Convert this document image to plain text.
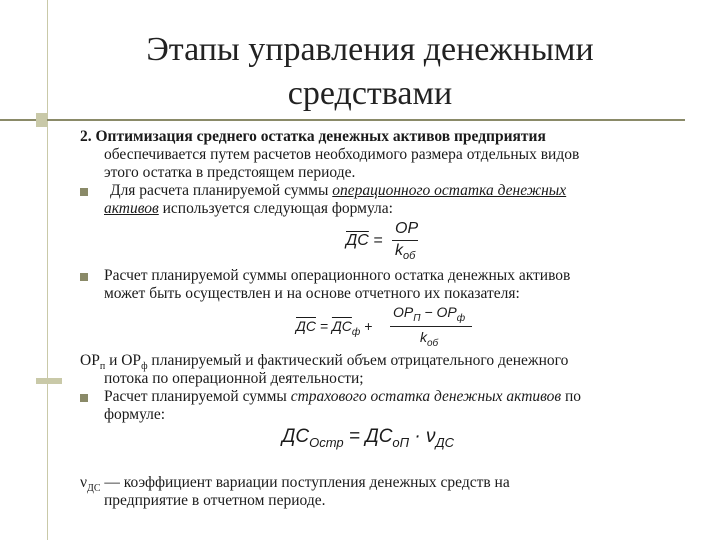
Этапы управления денежными
средствами
2. Оптимизация среднего остатка денежных активов предприятия
обеспечивается путем расчетов необходимого размера отдельных видов
этого остатка в предстоящем периоде.
Для расчета планируемой суммы операционного остатка денежных
активов используется следующая формула:
ДС =
ОР
$k_{об}$
Расчет планируемой суммы операционного остатка денежных активов
может быть осуществлен и на основе отчетного их показателя:
ДС = $ДС_ф$ +
$ОР_П - ОР_ф$
$k_{об}$
$ОР_п$ и $ОР_ф$ планируемый и фактический объем отрицательного денежного
потока по операционной деятельности;
Расчет планируемой суммы страхового остатка денежных активов по
формуле:
$ДС_{Остр} = ДС_{оП} \cdot \nu_{ДС}$
$\nu_{ДС}$ — коэффициент вариации поступления денежных средств на
предприятие в отчетном периоде.
